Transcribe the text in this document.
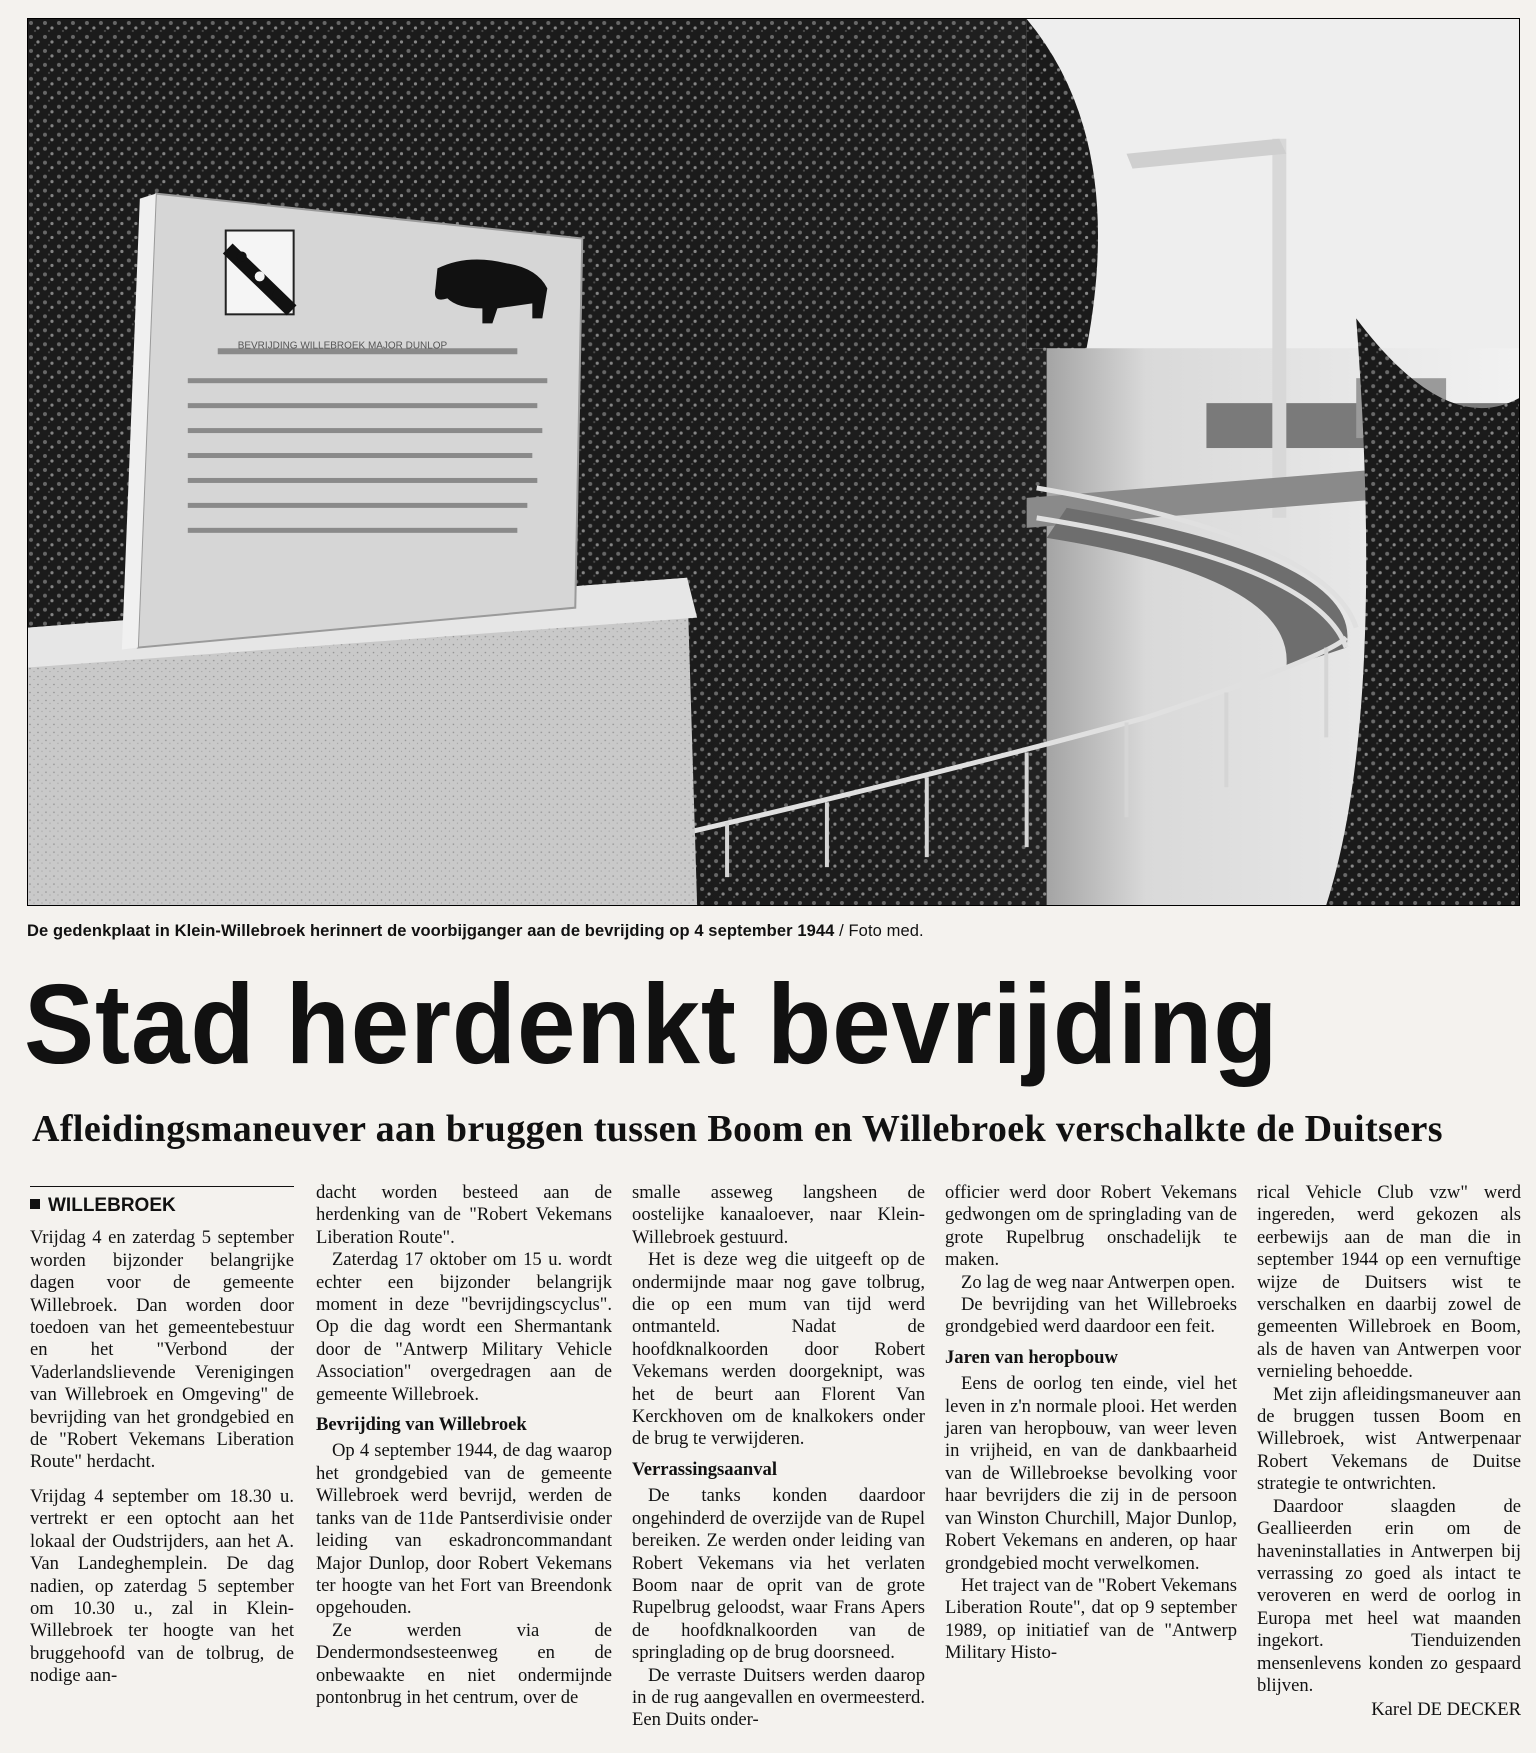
BEVRIJDING WILLEBROEK MAJOR DUNLOP
De gedenkplaat in Klein-Willebroek herinnert de voorbijganger aan de bevrijding op 4 september 1944 / Foto med.
Stad herdenkt bevrijding
Afleidingsmaneuver aan bruggen tussen Boom en Willebroek verschalkte de Duitsers
WILLEBROEK

Vrijdag 4 en zaterdag 5 september worden bijzonder belangrijke dagen voor de gemeente Willebroek. Dan worden door toedoen van het gemeentebestuur en het "Verbond der Vaderlandslievende Verenigingen van Willebroek en Omgeving" de bevrijding van het grondgebied en de "Robert Vekemans Liberation Route" herdacht.

Vrijdag 4 september om 18.30 u. vertrekt er een optocht aan het lokaal der Oudstrijders, aan het A. Van Landeghemplein. De dag nadien, op zaterdag 5 september om 10.30 u., zal in Klein-Willebroek ter hoogte van het bruggehoofd van de tolbrug, de nodige aan-

dacht worden besteed aan de herdenking van de "Robert Vekemans Liberation Route".

Zaterdag 17 oktober om 15 u. wordt echter een bijzonder belangrijk moment in deze "bevrijdingscyclus". Op die dag wordt een Shermantank door de "Antwerp Military Vehicle Association" overgedragen aan de gemeente Willebroek.

Bevrijding van Willebroek

Op 4 september 1944, de dag waarop het grondgebied van de gemeente Willebroek werd bevrijd, werden de tanks van de 11de Pantserdivisie onder leiding van eskadroncommandant Major Dunlop, door Robert Vekemans ter hoogte van het Fort van Breendonk opgehouden.

Ze werden via de Dendermondsesteenweg en de onbewaakte en niet ondermijnde pontonbrug in het centrum, over de

smalle asseweg langsheen de oostelijke kanaaloever, naar Klein-Willebroek gestuurd.

Het is deze weg die uitgeeft op de ondermijnde maar nog gave tolbrug, die op een mum van tijd werd ontmanteld. Nadat de hoofdknalkoorden door Robert Vekemans werden doorgeknipt, was het de beurt aan Florent Van Kerckhoven om de knalkokers onder de brug te verwijderen.

Verrassingsaanval

De tanks konden daardoor ongehinderd de overzijde van de Rupel bereiken. Ze werden onder leiding van Robert Vekemans via het verlaten Boom naar de oprit van de grote Rupelbrug geloodst, waar Frans Apers de hoofdknalkoorden van de springlading op de brug doorsneed.

De verraste Duitsers werden daarop in de rug aangevallen en overmeesterd. Een Duits onder-

officier werd door Robert Vekemans gedwongen om de springlading van de grote Rupelbrug onschadelijk te maken.

Zo lag de weg naar Antwerpen open.

De bevrijding van het Willebroeks grondgebied werd daardoor een feit.

Jaren van heropbouw

Eens de oorlog ten einde, viel het leven in z'n normale plooi. Het werden jaren van heropbouw, van weer leven in vrijheid, en van de dankbaarheid van de Willebroekse bevolking voor haar bevrijders die zij in de persoon van Winston Churchill, Major Dunlop, Robert Vekemans en anderen, op haar grondgebied mocht verwelkomen.

Het traject van de "Robert Vekemans Liberation Route", dat op 9 september 1989, op initiatief van de "Antwerp Military Histo-

rical Vehicle Club vzw" werd ingereden, werd gekozen als eerbewijs aan de man die in september 1944 op een vernuftige wijze de Duitsers wist te verschalken en daarbij zowel de gemeenten Willebroek en Boom, als de haven van Antwerpen voor vernieling behoedde.

Met zijn afleidingsmaneuver aan de bruggen tussen Boom en Willebroek, wist Antwerpenaar Robert Vekemans de Duitse strategie te ontwrichten.

Daardoor slaagden de Geallieerden erin om de haveninstallaties in Antwerpen bij verrassing zo goed als intact te veroveren en werd de oorlog in Europa met heel wat maanden ingekort. Tienduizenden mensenlevens konden zo gespaard blijven.

Karel DE DECKER
